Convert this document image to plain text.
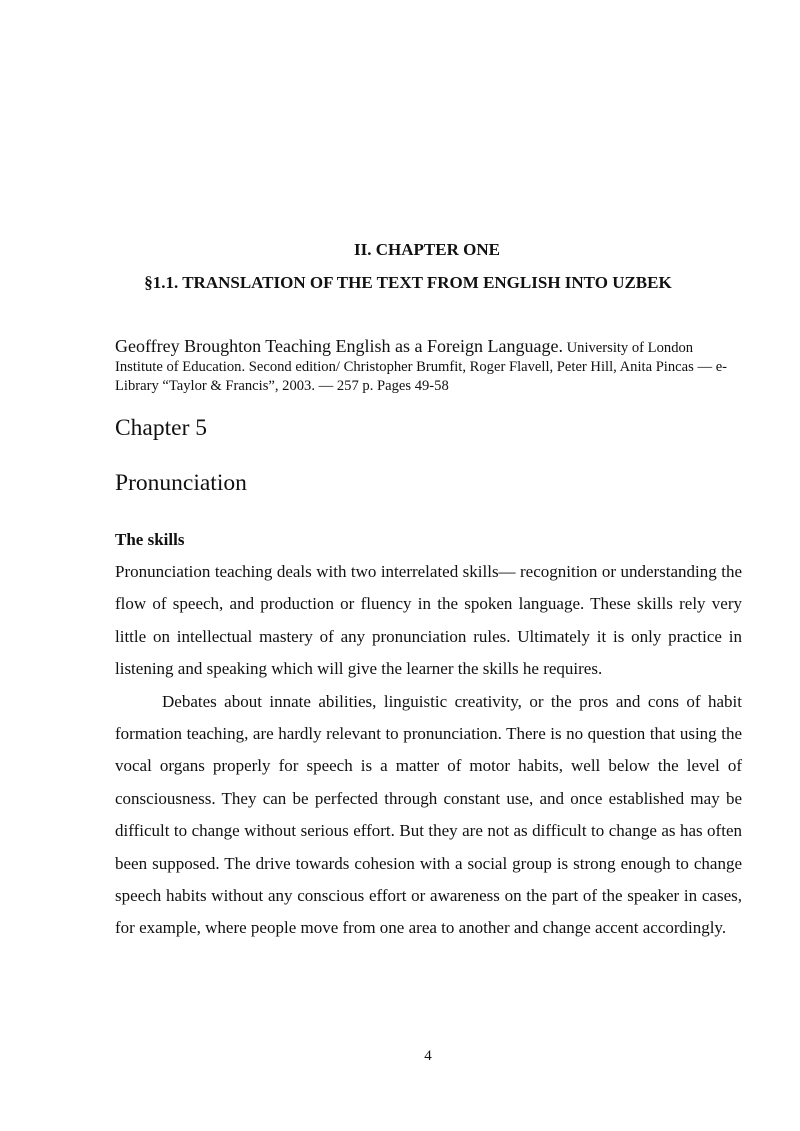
II. CHAPTER ONE
§1.1. TRANSLATION OF THE TEXT FROM ENGLISH INTO UZBEK
Geoffrey Broughton Teaching English as a Foreign Language. University of London Institute of Education. Second edition/ Christopher Brumfit, Roger Flavell, Peter Hill, Anita Pincas — e-Library “Taylor & Francis”, 2003. — 257 p. Pages 49-58
Chapter 5
Pronunciation
The skills

Pronunciation teaching deals with two interrelated skills— recognition or understanding the flow of speech, and production or fluency in the spoken language. These skills rely very little on intellectual mastery of any pronunciation rules. Ultimately it is only practice in listening and speaking which will give the learner the skills he requires.

Debates about innate abilities, linguistic creativity, or the pros and cons of habit formation teaching, are hardly relevant to pronunciation. There is no question that using the vocal organs properly for speech is a matter of motor habits, well below the level of consciousness. They can be perfected through constant use, and once established may be difficult to change without serious effort. But they are not as difficult to change as has often been supposed. The drive towards cohesion with a social group is strong enough to change speech habits without any conscious effort or awareness on the part of the speaker in cases, for example, where people move from one area to another and change accent accordingly.

4
